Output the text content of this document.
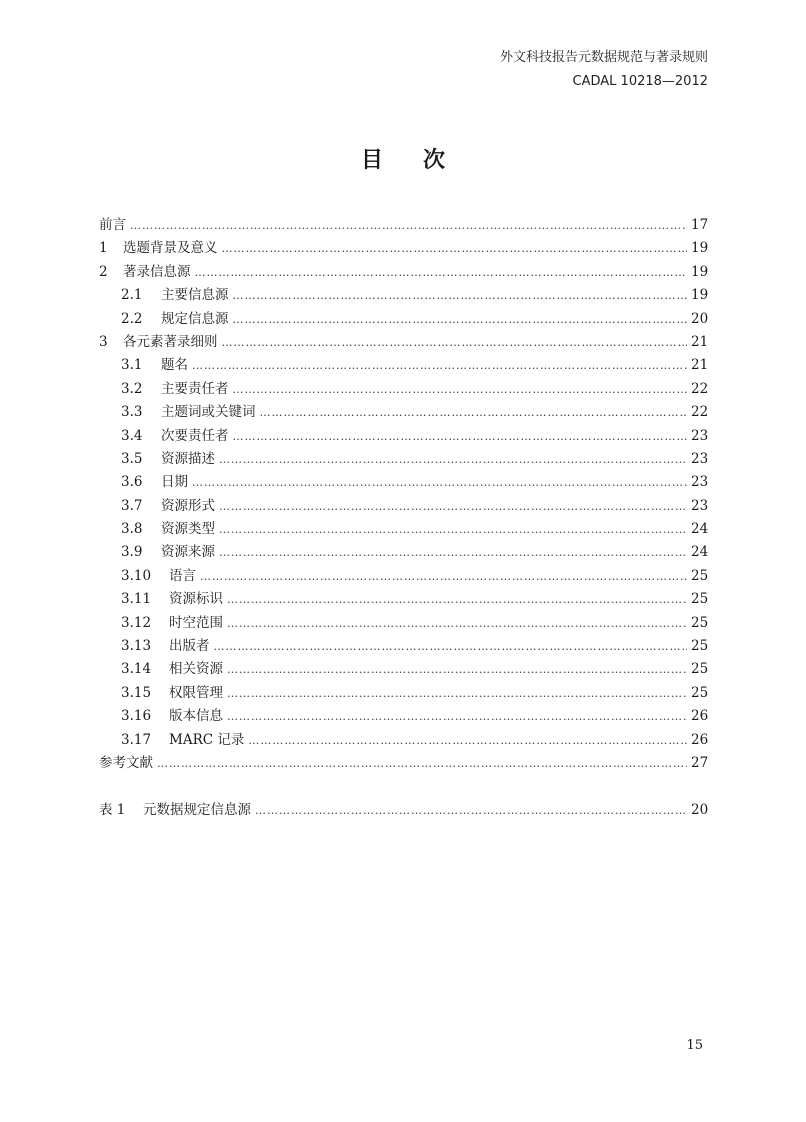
外文科技报告元数据规范与著录规则
CADAL 10218—2012
目次
前言 …………………………………………………………………………………………………………………………………………………………………………………………………………	17
1	选题背景及意义 …………………………………………………………………………………………………………………………………………………………………………………………………………	19
2	著录信息源 …………………………………………………………………………………………………………………………………………………………………………………………………………	19
2.1	主要信息源 …………………………………………………………………………………………………………………………………………………………………………………………………………	19
2.2	规定信息源 …………………………………………………………………………………………………………………………………………………………………………………………………………	20
3	各元素著录细则 …………………………………………………………………………………………………………………………………………………………………………………………………………	21
3.1	题名 …………………………………………………………………………………………………………………………………………………………………………………………………………	21
3.2	主要责任者 …………………………………………………………………………………………………………………………………………………………………………………………………………	22
3.3	主题词或关键词 …………………………………………………………………………………………………………………………………………………………………………………………………………	22
3.4	次要责任者 …………………………………………………………………………………………………………………………………………………………………………………………………………	23
3.5	资源描述 …………………………………………………………………………………………………………………………………………………………………………………………………………	23
3.6	日期 …………………………………………………………………………………………………………………………………………………………………………………………………………	23
3.7	资源形式 …………………………………………………………………………………………………………………………………………………………………………………………………………	23
3.8	资源类型 …………………………………………………………………………………………………………………………………………………………………………………………………………	24
3.9	资源来源 …………………………………………………………………………………………………………………………………………………………………………………………………………	24
3.10	语言 …………………………………………………………………………………………………………………………………………………………………………………………………………	25
3.11	资源标识 …………………………………………………………………………………………………………………………………………………………………………………………………………	25
3.12	时空范围 …………………………………………………………………………………………………………………………………………………………………………………………………………	25
3.13	出版者 …………………………………………………………………………………………………………………………………………………………………………………………………………	25
3.14	相关资源 …………………………………………………………………………………………………………………………………………………………………………………………………………	25
3.15	权限管理 …………………………………………………………………………………………………………………………………………………………………………………………………………	25
3.16	版本信息 …………………………………………………………………………………………………………………………………………………………………………………………………………	26
3.17	MARC 记录 …………………………………………………………………………………………………………………………………………………………………………………………………………	26
参考文献 …………………………………………………………………………………………………………………………………………………………………………………………………………	27
表 1	元数据规定信息源 …………………………………………………………………………………………………………………………………………………………………………………………………………	20
15
